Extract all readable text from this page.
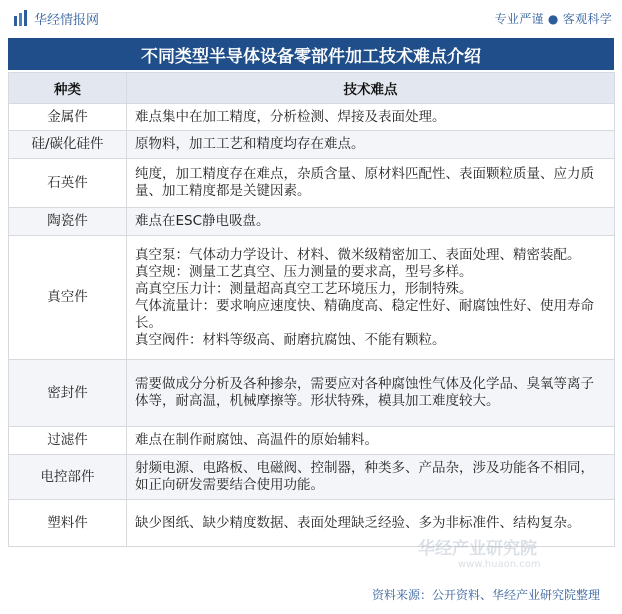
华经情报网	专业严谨 ● 客观科学
不同类型半导体设备零部件加工技术难点介绍
种类	技术难点
金属件	难点集中在加工精度，分析检测、焊接及表面处理。

硅/碳化硅件	原物料，加工工艺和精度均存在难点。

石英件	纯度，加工精度存在难点，杂质含量、原材料匹配性、表面颗粒质量、应力质量、加工精度都是关键因素。

陶瓷件	难点在ESC静电吸盘。

真空件	真空泵：气体动力学设计、材料、微米级精密加工、表面处理、精密装配。
真空规：测量工艺真空、压力测量的要求高，型号多样。
高真空压力计：测量超高真空工艺环境压力，形制特殊。
气体流量计：要求响应速度快、精确度高、稳定性好、耐腐蚀性好、使用寿命长。
真空阀件：材料等级高、耐磨抗腐蚀、不能有颗粒。

密封件	需要做成分分析及各种掺杂，需要应对各种腐蚀性气体及化学品、臭氧等离子体等，耐高温，机械摩擦等。形状特殊，模具加工难度较大。

过滤件	难点在制作耐腐蚀、高温件的原始辅料。

电控部件	射频电源、电路板、电磁阀、控制器，种类多、产品杂，涉及功能各不相同，如正向研发需要结合使用功能。

塑料件	缺少图纸、缺少精度数据、表面处理缺乏经验、多为非标准件、结构复杂。
华经产业研究院
www.huaon.com
资料来源：公开资料、华经产业研究院整理
